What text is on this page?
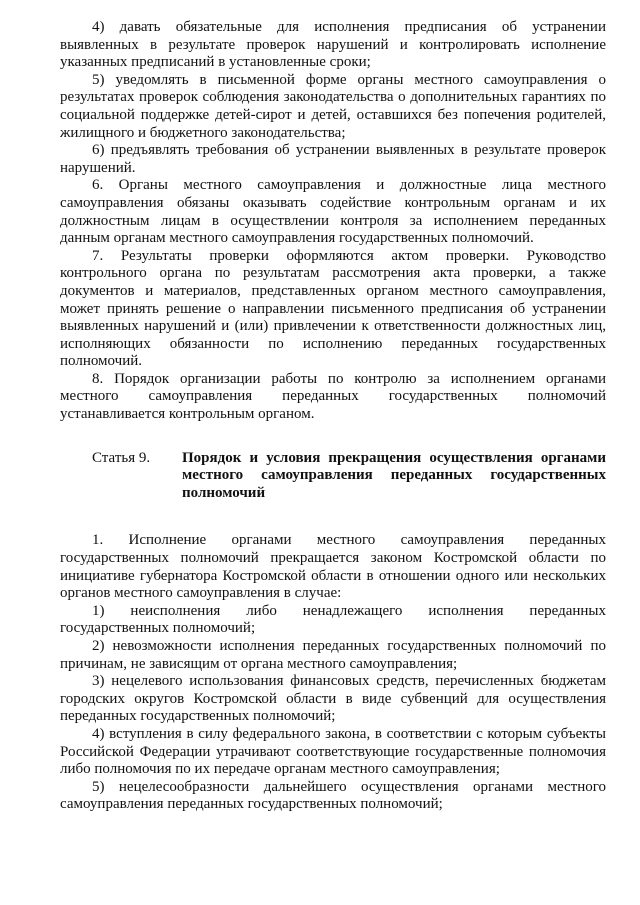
4) давать обязательные для исполнения предписания об устранении выявленных в результате проверок нарушений и контролировать исполнение указанных предписаний в установленные сроки;

5) уведомлять в письменной форме органы местного самоуправления о результатах проверок соблюдения законодательства о дополнительных гарантиях по социальной поддержке детей-сирот и детей, оставшихся без попечения родителей, жилищного и бюджетного законодательства;

6) предъявлять требования об устранении выявленных в результате проверок нарушений.

6. Органы местного самоуправления и должностные лица местного самоуправления обязаны оказывать содействие контрольным органам и их должностным лицам в осуществлении контроля за исполнением переданных данным органам местного самоуправления государственных полномочий.

7. Результаты проверки оформляются актом проверки. Руководство контрольного органа по результатам рассмотрения акта проверки, а также документов и материалов, представленных органом местного самоуправления, может принять решение о направлении письменного предписания об устранении выявленных нарушений и (или) привлечении к ответственности должностных лиц, исполняющих обязанности по исполнению переданных государственных полномочий.

8. Порядок организации работы по контролю за исполнением органами местного самоуправления переданных государственных полномочий устанавливается контрольным органом.

Статья 9.	Порядок и условия прекращения осуществления органами местного самоуправления переданных государственных полномочий

1. Исполнение органами местного самоуправления переданных государственных полномочий прекращается законом Костромской области по инициативе губернатора Костромской области в отношении одного или нескольких органов местного самоуправления в случае:

1) неисполнения либо ненадлежащего исполнения переданных государственных полномочий;

2) невозможности исполнения переданных государственных полномочий по причинам, не зависящим от органа местного самоуправления;

3) нецелевого использования финансовых средств, перечисленных бюджетам городских округов Костромской области в виде субвенций для осуществления переданных государственных полномочий;

4) вступления в силу федерального закона, в соответствии с которым субъекты Российской Федерации утрачивают соответствующие государственные полномочия либо полномочия по их передаче органам местного самоуправления;

5) нецелесообразности дальнейшего осуществления органами местного самоуправления переданных государственных полномочий;
